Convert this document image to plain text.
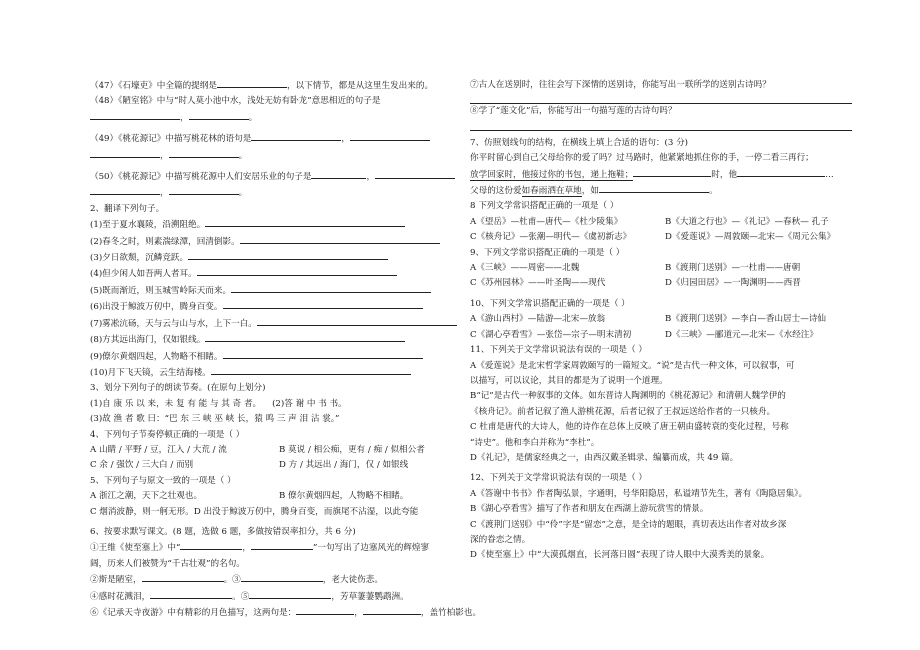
（47）《石壕吏》中全篇的提纲是	，以下情节，都是从这里生发出来的。
（48）《陋室铭》中与“时人莫小池中水，浅处无妨有卧龙”意思相近的句子是
，	。
（49）《桃花源记》中描写桃花林的语句是	，
，	。
（50）《桃花源记》中描写桃花源中人们安居乐业的句子是	，
，	。
2、翻译下列句子。
(1)至于夏水襄陵，沿溯阻绝。
(2)春冬之时，则素湍绿潭，回清倒影。
(3)夕日欲颓，沉鳞竞跃。
(4)但少闲人如吾两人者耳。
(5)既而渐近，则玉城雪岭际天而来。
(6)出没于鲸波万仞中，腾身百变。
(7)雾凇沆砀，天与云与山与水，上下一白。
(8)方其远出海门，仅如银线。
(9)僚尔黄烟四起，人物略不相睹。
(10)月下飞天镜，云生结海楼。
3、划分下列句子的朗读节奏。(在原句上划分)
(1)自 康 乐 以 来，未 复 有 能 与 其 奇 者。 (2)答 谢 中 书 书。
(3)故 渔 者 歌 曰：“巴 东 三 峡 巫 峡 长，猿 鸣 三 声 泪 沾 裳。”
4、下列句子节奏停顿正确的一项是（ ）
A 山睛 / 平野 / 豆，江入 / 大荒 / 流	B 莫说 / 相公痴，更有 / 痴 / 似相公者
C 余 / 强饮 / 三大白 / 而别	D 方 / 其远出 / 海门，仅 / 如银线
5、下列句子与原文一致的一项是（ ）
A 浙江之潮，天下之壮观也。	B 僚尔黄烟四起，人物略不相睹。
C 烟消波静，则一舸无形。D 出没于鲸波万仞中，腾身百变，而旗尾不沾湿，以此夸能
6、按要求默写课文。(8 题，选做 6 题，多做按错误率扣分，共 6 分)
①王维《使至塞上》中“	，	”一句写出了边塞风光的辉煌寥
阔，历来人们被赞为“千古壮观”的名句。
②斯是陋室，	。③	，老大徒伤悲。
④感时花溅泪，	。⑤	，芳草萋萋鹦鹉洲。
⑥《记承天寺夜游》中有精彩的月色描写，这两句是：	，	，盖竹柏影也。
⑦古人在送别时，往往会写下深情的送别诗，你能写出一联所学的送别古诗吗？
⑧学了“莲文化”后，你能写出一句描写莲的古诗句吗？
7、仿照划线句的结构，在横线上填上合适的语句：(3 分)
你平时留心到自己父母给你的爱了吗？过马路时，他紧紧地抓住你的手，一停二看三再行；
放学回家时，他接过你的书包，递上拖鞋；	时，他	…
父母的这份爱如春雨洒在草地，如	。
8 下列文学常识搭配正确的一项是（ ）
A《望岳》—杜甫—唐代—《杜少陵集》	B《大道之行也》—《礼记》—春秋— 孔子
C《核舟记》—张潮—明代—《虞初新志》	D《爱莲说》—周敦颐—北宋—《周元公集》
9、下列文学常识搭配正确的一项是（ ）
A《三峡》——周密——北魏	B《渡荆门送别》—一杜甫——唐朝
C《苏州园林》——叶圣陶——现代	D《归园田居》—一陶渊明——西晋
10、下列文学常识搭配正确的一项是（ ）
A《游山西村》—陆游—北宋—放翁	B《渡荆门送别》—李白—香山居士—诗仙
C《湖心亭看雪》—张岱—宗子—明末清初	D《三峡》—郦道元—北宋—《水经注》
11、下列关于文学常识说法有误的一项是（ ）
A《爱莲说》是北宋哲学家周敦颐写的一篇短文。“说”是古代一种文体，可以叙事，可
以描写，可以议论，其目的都是为了说明一个道理。
B“记”是古代一种叙事的文体。如东晋诗人陶渊明的《桃花源记》和清朝人魏学伊的
《核舟记》。前者记叙了渔人游桃花源，后者记叙了王叔远送给作者的一只核舟。
C 杜甫是唐代的大诗人，他的诗作在总体上反映了唐王朝由盛转衰的变化过程，号称
“诗史”。他和李白并称为“李杜”。
D《礼记》，是儒家经典之一，由西汉戴圣辑录、编纂而成，共 49 篇。
12、下列关于文学常识说法有误的一项是（ ）
A《答谢中书书》作者陶弘景，字通明，号华阳隐居，私谥靖节先生，著有《陶隐居集》。
B《湖心亭看雪》描写了作者和朋友在西湖上游玩赏雪的情景。
C《渡荆门送别》中“伶”字是“留恋”之意，是全诗的题眼，真切表达出作者对故乡深
深的眷恋之情。
D《使至塞上》中“大漠孤烟直，长河落日圆”表现了诗人眼中大漠秀美的景象。
